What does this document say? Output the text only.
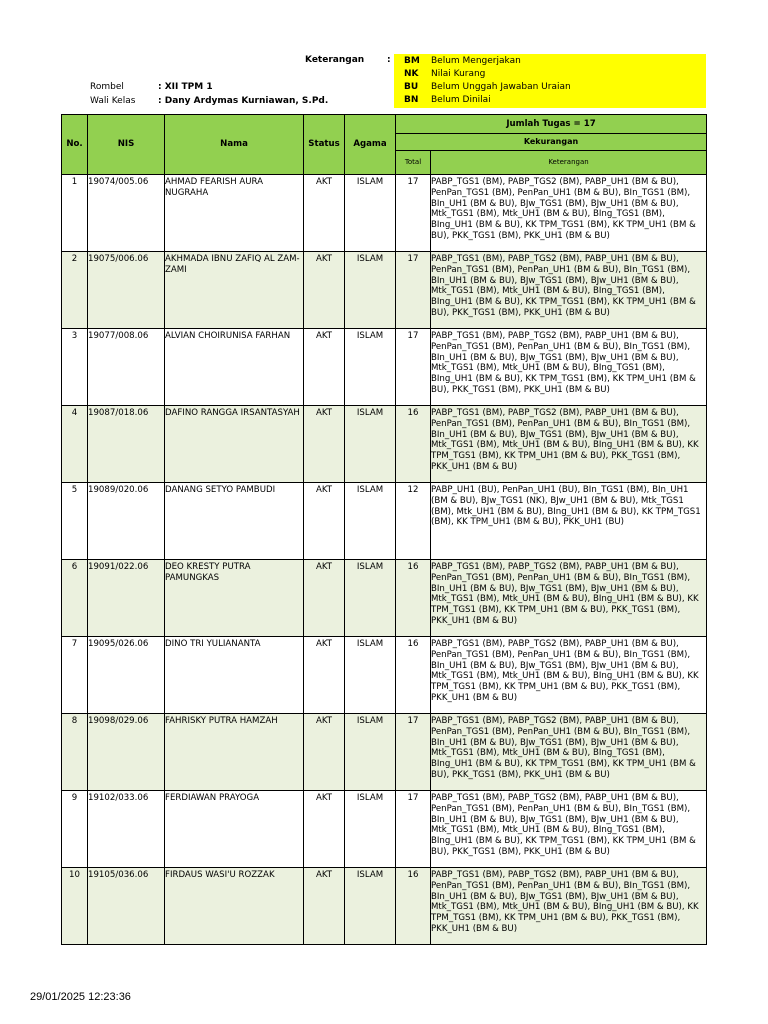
Keterangan	:
Rombel	: XII TPM 1
Wali Kelas	: Dany Ardymas Kurniawan, S.Pd.
BM Belum Mengerjakan
NK Nilai Kurang
BU Belum Unggah Jawaban Uraian
BN Belum Dinilai
No.	NIS	Nama	Status	Agama	Jumlah Tugas = 17	
					Kekurangan	
					Total	Keterangan
1	19074/005.06	AHMAD FEARISH AURA NUGRAHA	AKT	ISLAM	17	PABP_TGS1 (BM), PABP_TGS2 (BM), PABP_UH1 (BM & BU), PenPan_TGS1 (BM), PenPan_UH1 (BM & BU), BIn_TGS1 (BM), BIn_UH1 (BM & BU), BJw_TGS1 (BM), BJw_UH1 (BM & BU), Mtk_TGS1 (BM), Mtk_UH1 (BM & BU), BIng_TGS1 (BM), BIng_UH1 (BM & BU), KK TPM_TGS1 (BM), KK TPM_UH1 (BM & BU), PKK_TGS1 (BM), PKK_UH1 (BM & BU)
2	19075/006.06	AKHMADA IBNU ZAFIQ AL ZAM-ZAMI	AKT	ISLAM	17	PABP_TGS1 (BM), PABP_TGS2 (BM), PABP_UH1 (BM & BU), PenPan_TGS1 (BM), PenPan_UH1 (BM & BU), BIn_TGS1 (BM), BIn_UH1 (BM & BU), BJw_TGS1 (BM), BJw_UH1 (BM & BU), Mtk_TGS1 (BM), Mtk_UH1 (BM & BU), BIng_TGS1 (BM), BIng_UH1 (BM & BU), KK TPM_TGS1 (BM), KK TPM_UH1 (BM & BU), PKK_TGS1 (BM), PKK_UH1 (BM & BU)
3	19077/008.06	ALVIAN CHOIRUNISA FARHAN	AKT	ISLAM	17	PABP_TGS1 (BM), PABP_TGS2 (BM), PABP_UH1 (BM & BU), PenPan_TGS1 (BM), PenPan_UH1 (BM & BU), BIn_TGS1 (BM), BIn_UH1 (BM & BU), BJw_TGS1 (BM), BJw_UH1 (BM & BU), Mtk_TGS1 (BM), Mtk_UH1 (BM & BU), BIng_TGS1 (BM), BIng_UH1 (BM & BU), KK TPM_TGS1 (BM), KK TPM_UH1 (BM & BU), PKK_TGS1 (BM), PKK_UH1 (BM & BU)
4	19087/018.06	DAFINO RANGGA IRSANTASYAH	AKT	ISLAM	16	PABP_TGS1 (BM), PABP_TGS2 (BM), PABP_UH1 (BM & BU), PenPan_TGS1 (BM), PenPan_UH1 (BM & BU), BIn_TGS1 (BM), BIn_UH1 (BM & BU), BJw_TGS1 (BM), BJw_UH1 (BM & BU), Mtk_TGS1 (BM), Mtk_UH1 (BM & BU), BIng_UH1 (BM & BU), KK TPM_TGS1 (BM), KK TPM_UH1 (BM & BU), PKK_TGS1 (BM), PKK_UH1 (BM & BU)
5	19089/020.06	DANANG SETYO PAMBUDI	AKT	ISLAM	12	PABP_UH1 (BU), PenPan_UH1 (BU), BIn_TGS1 (BM), BIn_UH1 (BM & BU), BJw_TGS1 (NK), BJw_UH1 (BM & BU), Mtk_TGS1 (BM), Mtk_UH1 (BM & BU), BIng_UH1 (BM & BU), KK TPM_TGS1 (BM), KK TPM_UH1 (BM & BU), PKK_UH1 (BU)
6	19091/022.06	DEO KRESTY PUTRA PAMUNGKAS	AKT	ISLAM	16	PABP_TGS1 (BM), PABP_TGS2 (BM), PABP_UH1 (BM & BU), PenPan_TGS1 (BM), PenPan_UH1 (BM & BU), BIn_TGS1 (BM), BIn_UH1 (BM & BU), BJw_TGS1 (BM), BJw_UH1 (BM & BU), Mtk_TGS1 (BM), Mtk_UH1 (BM & BU), BIng_UH1 (BM & BU), KK TPM_TGS1 (BM), KK TPM_UH1 (BM & BU), PKK_TGS1 (BM), PKK_UH1 (BM & BU)
7	19095/026.06	DINO TRI YULIANANTA	AKT	ISLAM	16	PABP_TGS1 (BM), PABP_TGS2 (BM), PABP_UH1 (BM & BU), PenPan_TGS1 (BM), PenPan_UH1 (BM & BU), BIn_TGS1 (BM), BIn_UH1 (BM & BU), BJw_TGS1 (BM), BJw_UH1 (BM & BU), Mtk_TGS1 (BM), Mtk_UH1 (BM & BU), BIng_UH1 (BM & BU), KK TPM_TGS1 (BM), KK TPM_UH1 (BM & BU), PKK_TGS1 (BM), PKK_UH1 (BM & BU)
8	19098/029.06	FAHRISKY PUTRA HAMZAH	AKT	ISLAM	17	PABP_TGS1 (BM), PABP_TGS2 (BM), PABP_UH1 (BM & BU), PenPan_TGS1 (BM), PenPan_UH1 (BM & BU), BIn_TGS1 (BM), BIn_UH1 (BM & BU), BJw_TGS1 (BM), BJw_UH1 (BM & BU), Mtk_TGS1 (BM), Mtk_UH1 (BM & BU), BIng_TGS1 (BM), BIng_UH1 (BM & BU), KK TPM_TGS1 (BM), KK TPM_UH1 (BM & BU), PKK_TGS1 (BM), PKK_UH1 (BM & BU)
9	19102/033.06	FERDIAWAN PRAYOGA	AKT	ISLAM	17	PABP_TGS1 (BM), PABP_TGS2 (BM), PABP_UH1 (BM & BU), PenPan_TGS1 (BM), PenPan_UH1 (BM & BU), BIn_TGS1 (BM), BIn_UH1 (BM & BU), BJw_TGS1 (BM), BJw_UH1 (BM & BU), Mtk_TGS1 (BM), Mtk_UH1 (BM & BU), BIng_TGS1 (BM), BIng_UH1 (BM & BU), KK TPM_TGS1 (BM), KK TPM_UH1 (BM & BU), PKK_TGS1 (BM), PKK_UH1 (BM & BU)
10	19105/036.06	FIRDAUS WASI'U ROZZAK	AKT	ISLAM	16	PABP_TGS1 (BM), PABP_TGS2 (BM), PABP_UH1 (BM & BU), PenPan_TGS1 (BM), PenPan_UH1 (BM & BU), BIn_TGS1 (BM), BIn_UH1 (BM & BU), BJw_TGS1 (BM), BJw_UH1 (BM & BU), Mtk_TGS1 (BM), Mtk_UH1 (BM & BU), BIng_UH1 (BM & BU), KK TPM_TGS1 (BM), KK TPM_UH1 (BM & BU), PKK_TGS1 (BM), PKK_UH1 (BM & BU)
29/01/2025 12:23:36
